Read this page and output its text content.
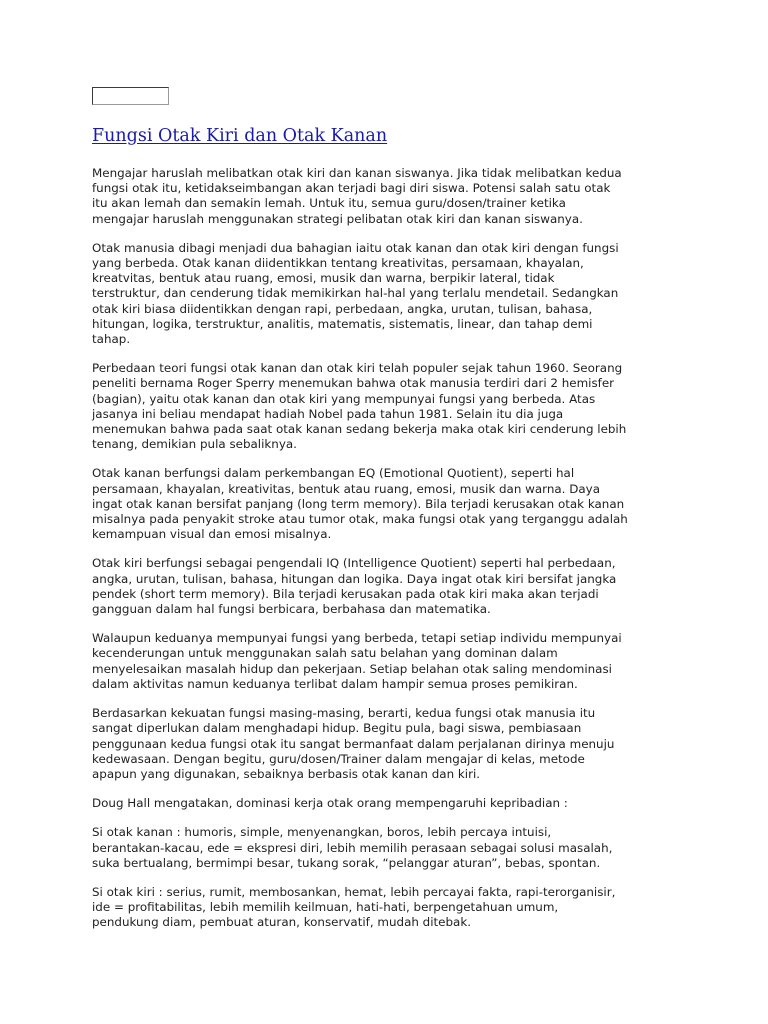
Fungsi Otak Kiri dan Otak Kanan

Mengajar haruslah melibatkan otak kiri dan kanan siswanya. Jika tidak melibatkan kedua
fungsi otak itu, ketidakseimbangan akan terjadi bagi diri siswa. Potensi salah satu otak
itu akan lemah dan semakin lemah. Untuk itu, semua guru/dosen/trainer ketika
mengajar haruslah menggunakan strategi pelibatan otak kiri dan kanan siswanya.

Otak manusia dibagi menjadi dua bahagian iaitu otak kanan dan otak kiri dengan fungsi
yang berbeda. Otak kanan diidentikkan tentang kreativitas, persamaan, khayalan,
kreatvitas, bentuk atau ruang, emosi, musik dan warna, berpikir lateral, tidak
terstruktur, dan cenderung tidak memikirkan hal-hal yang terlalu mendetail. Sedangkan
otak kiri biasa diidentikkan dengan rapi, perbedaan, angka, urutan, tulisan, bahasa,
hitungan, logika, terstruktur, analitis, matematis, sistematis, linear, dan tahap demi
tahap.

Perbedaan teori fungsi otak kanan dan otak kiri telah populer sejak tahun 1960. Seorang
peneliti bernama Roger Sperry menemukan bahwa otak manusia terdiri dari 2 hemisfer
(bagian), yaitu otak kanan dan otak kiri yang mempunyai fungsi yang berbeda. Atas
jasanya ini beliau mendapat hadiah Nobel pada tahun 1981. Selain itu dia juga
menemukan bahwa pada saat otak kanan sedang bekerja maka otak kiri cenderung lebih
tenang, demikian pula sebaliknya.

Otak kanan berfungsi dalam perkembangan EQ (Emotional Quotient), seperti hal
persamaan, khayalan, kreativitas, bentuk atau ruang, emosi, musik dan warna. Daya
ingat otak kanan bersifat panjang (long term memory). Bila terjadi kerusakan otak kanan
misalnya pada penyakit stroke atau tumor otak, maka fungsi otak yang terganggu adalah
kemampuan visual dan emosi misalnya.

Otak kiri berfungsi sebagai pengendali IQ (Intelligence Quotient) seperti hal perbedaan,
angka, urutan, tulisan, bahasa, hitungan dan logika. Daya ingat otak kiri bersifat jangka
pendek (short term memory). Bila terjadi kerusakan pada otak kiri maka akan terjadi
gangguan dalam hal fungsi berbicara, berbahasa dan matematika.

Walaupun keduanya mempunyai fungsi yang berbeda, tetapi setiap individu mempunyai
kecenderungan untuk menggunakan salah satu belahan yang dominan dalam
menyelesaikan masalah hidup dan pekerjaan. Setiap belahan otak saling mendominasi
dalam aktivitas namun keduanya terlibat dalam hampir semua proses pemikiran.

Berdasarkan kekuatan fungsi masing-masing, berarti, kedua fungsi otak manusia itu
sangat diperlukan dalam menghadapi hidup. Begitu pula, bagi siswa, pembiasaan
penggunaan kedua fungsi otak itu sangat bermanfaat dalam perjalanan dirinya menuju
kedewasaan. Dengan begitu, guru/dosen/Trainer dalam mengajar di kelas, metode
apapun yang digunakan, sebaiknya berbasis otak kanan dan kiri.

Doug Hall mengatakan, dominasi kerja otak orang mempengaruhi kepribadian :

Si otak kanan : humoris, simple, menyenangkan, boros, lebih percaya intuisi,
berantakan-kacau, ede = ekspresi diri, lebih memilih perasaan sebagai solusi masalah,
suka bertualang, bermimpi besar, tukang sorak, “pelanggar aturan”, bebas, spontan.

Si otak kiri : serius, rumit, membosankan, hemat, lebih percayai fakta, rapi-terorganisir,
ide = profitabilitas, lebih memilih keilmuan, hati-hati, berpengetahuan umum,
pendukung diam, pembuat aturan, konservatif, mudah ditebak.
